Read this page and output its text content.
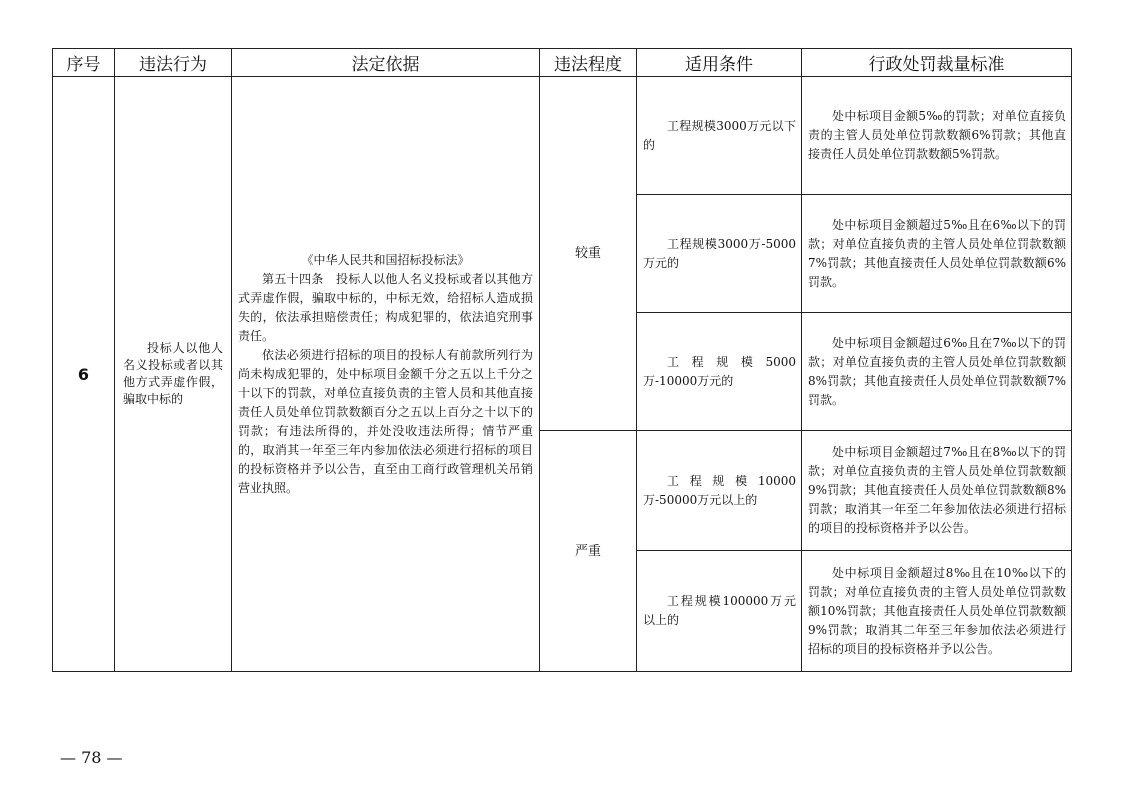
序号	违法行为	法定依据	违法程度	适用条件	行政处罚裁量标准
6	投标人以他人名义投标或者以其他方式弄虚作假，骗取中标的	《中华人民共和国招标投标法》

第五十四条　投标人以他人名义投标或者以其他方式弄虚作假，骗取中标的，中标无效，给招标人造成损失的，依法承担赔偿责任；构成犯罪的，依法追究刑事责任。

依法必须进行招标的项目的投标人有前款所列行为尚未构成犯罪的，处中标项目金额千分之五以上千分之十以下的罚款，对单位直接负责的主管人员和其他直接责任人员处单位罚款数额百分之五以上百分之十以下的罚款；有违法所得的，并处没收违法所得；情节严重的，取消其一年至三年内参加依法必须进行招标的项目的投标资格并予以公告，直至由工商行政管理机关吊销营业执照。	较重	工程规模3000万元以下的	处中标项目金额5‰的罚款；对单位直接负责的主管人员处单位罚款数额6%罚款；其他直接责任人员处单位罚款数额5%罚款。
				工程规模3000万-5000万元的	处中标项目金额超过5‰且在6‰以下的罚款；对单位直接负责的主管人员处单位罚款数额7%罚款；其他直接责任人员处单位罚款数额6%罚款。
				工程规模5000万-10000万元的	处中标项目金额超过6‰且在7‰以下的罚款；对单位直接负责的主管人员处单位罚款数额8%罚款；其他直接责任人员处单位罚款数额7%罚款。
			严重	工程规模10000万-50000万元以上的	处中标项目金额超过7‰且在8‰以下的罚款；对单位直接负责的主管人员处单位罚款数额9%罚款；其他直接责任人员处单位罚款数额8%罚款；取消其一年至二年参加依法必须进行招标的项目的投标资格并予以公告。
				工程规模100000万元以上的	处中标项目金额超过8‰且在10‰以下的罚款；对单位直接负责的主管人员处单位罚款数额10%罚款；其他直接责任人员处单位罚款数额9%罚款；取消其二年至三年参加依法必须进行招标的项目的投标资格并予以公告。
— 78 —
